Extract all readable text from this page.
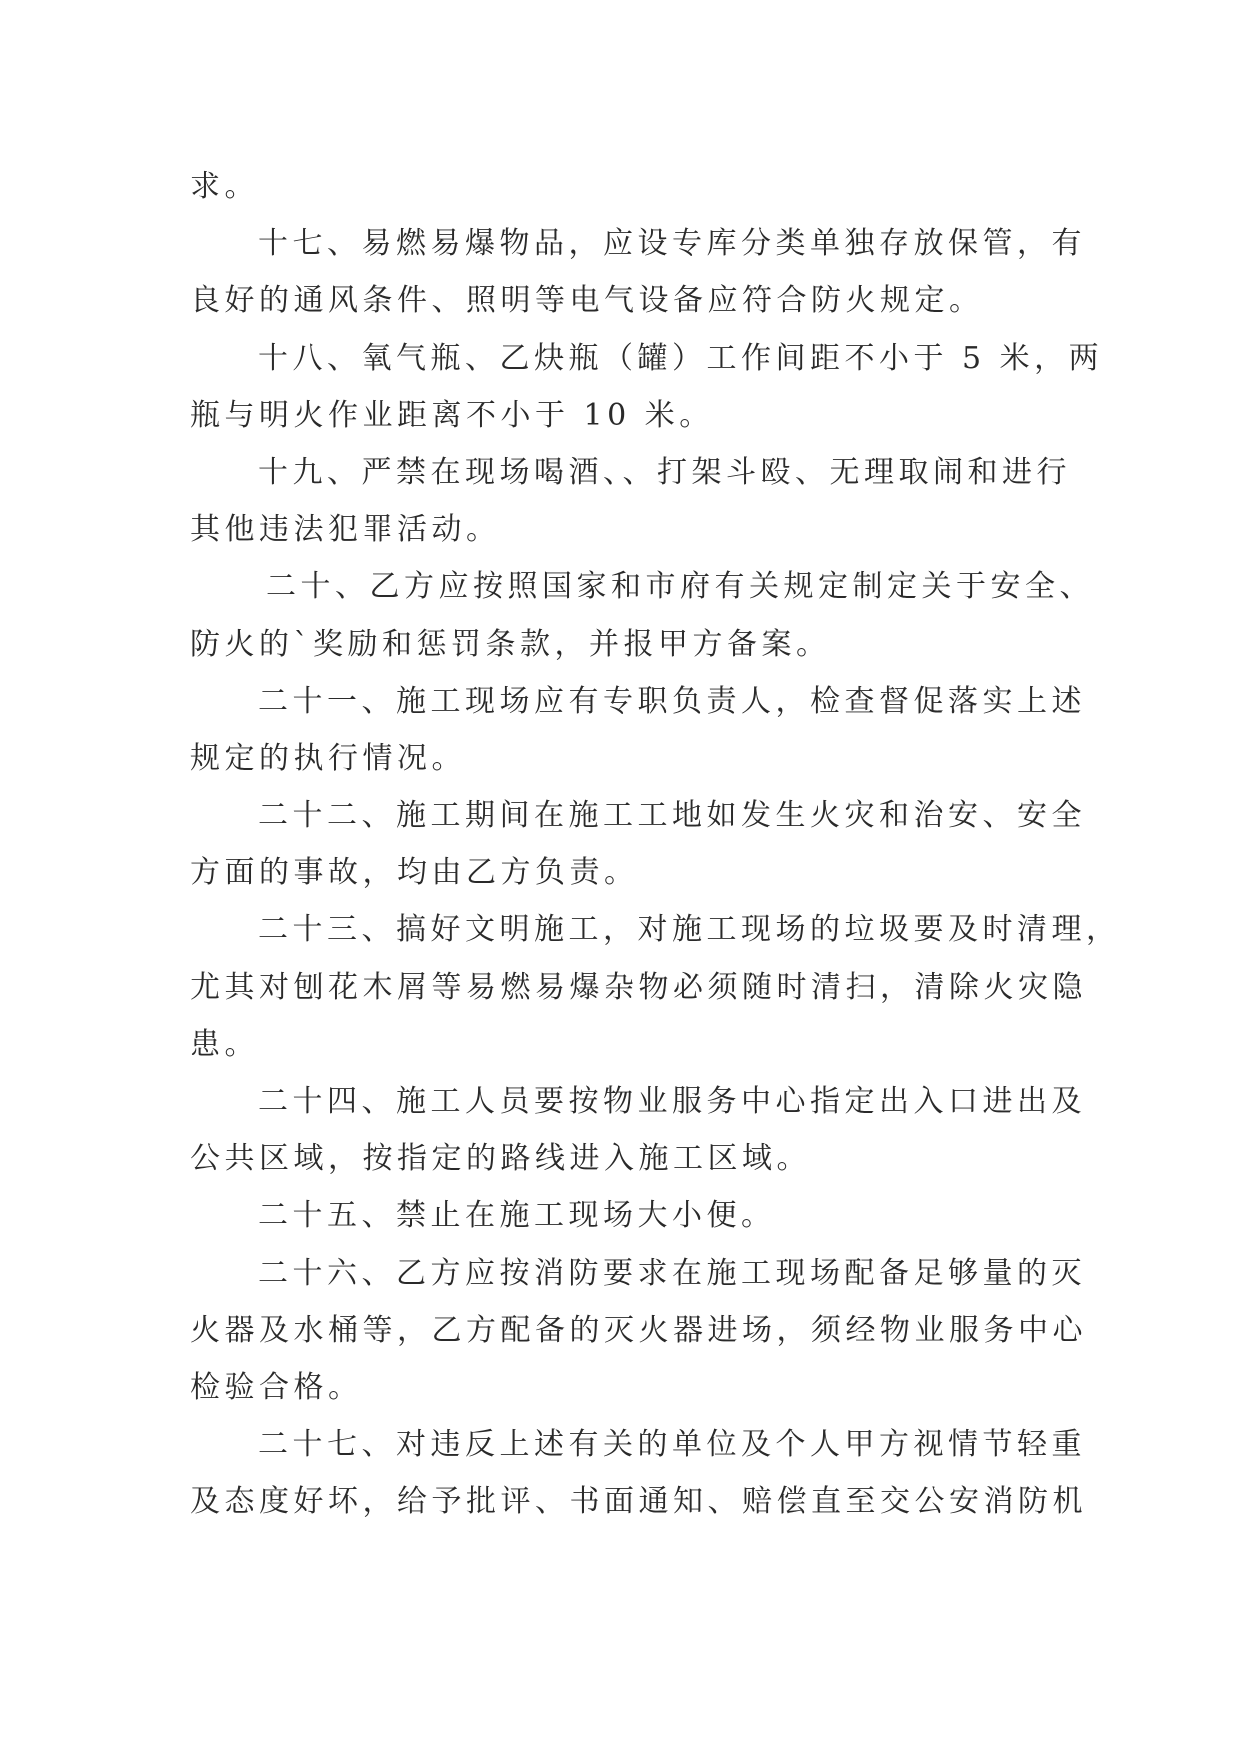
求。
十七、易燃易爆物品，应设专库分类单独存放保管，有
良好的通风条件、照明等电气设备应符合防火规定。
十八、氧气瓶、乙炔瓶（罐）工作间距不小于 5 米，两
瓶与明火作业距离不小于 10 米。
十九、严禁在现场喝酒、、打架斗殴、无理取闹和进行
其他违法犯罪活动。
二十、乙方应按照国家和市府有关规定制定关于安全、
防火的`奖励和惩罚条款，并报甲方备案。
二十一、施工现场应有专职负责人，检查督促落实上述
规定的执行情况。
二十二、施工期间在施工工地如发生火灾和治安、安全
方面的事故，均由乙方负责。
二十三、搞好文明施工，对施工现场的垃圾要及时清理，
尤其对刨花木屑等易燃易爆杂物必须随时清扫，清除火灾隐
患。
二十四、施工人员要按物业服务中心指定出入口进出及
公共区域，按指定的路线进入施工区域。
二十五、禁止在施工现场大小便。
二十六、乙方应按消防要求在施工现场配备足够量的灭
火器及水桶等，乙方配备的灭火器进场，须经物业服务中心
检验合格。
二十七、对违反上述有关的单位及个人甲方视情节轻重
及态度好坏，给予批评、书面通知、赔偿直至交公安消防机
